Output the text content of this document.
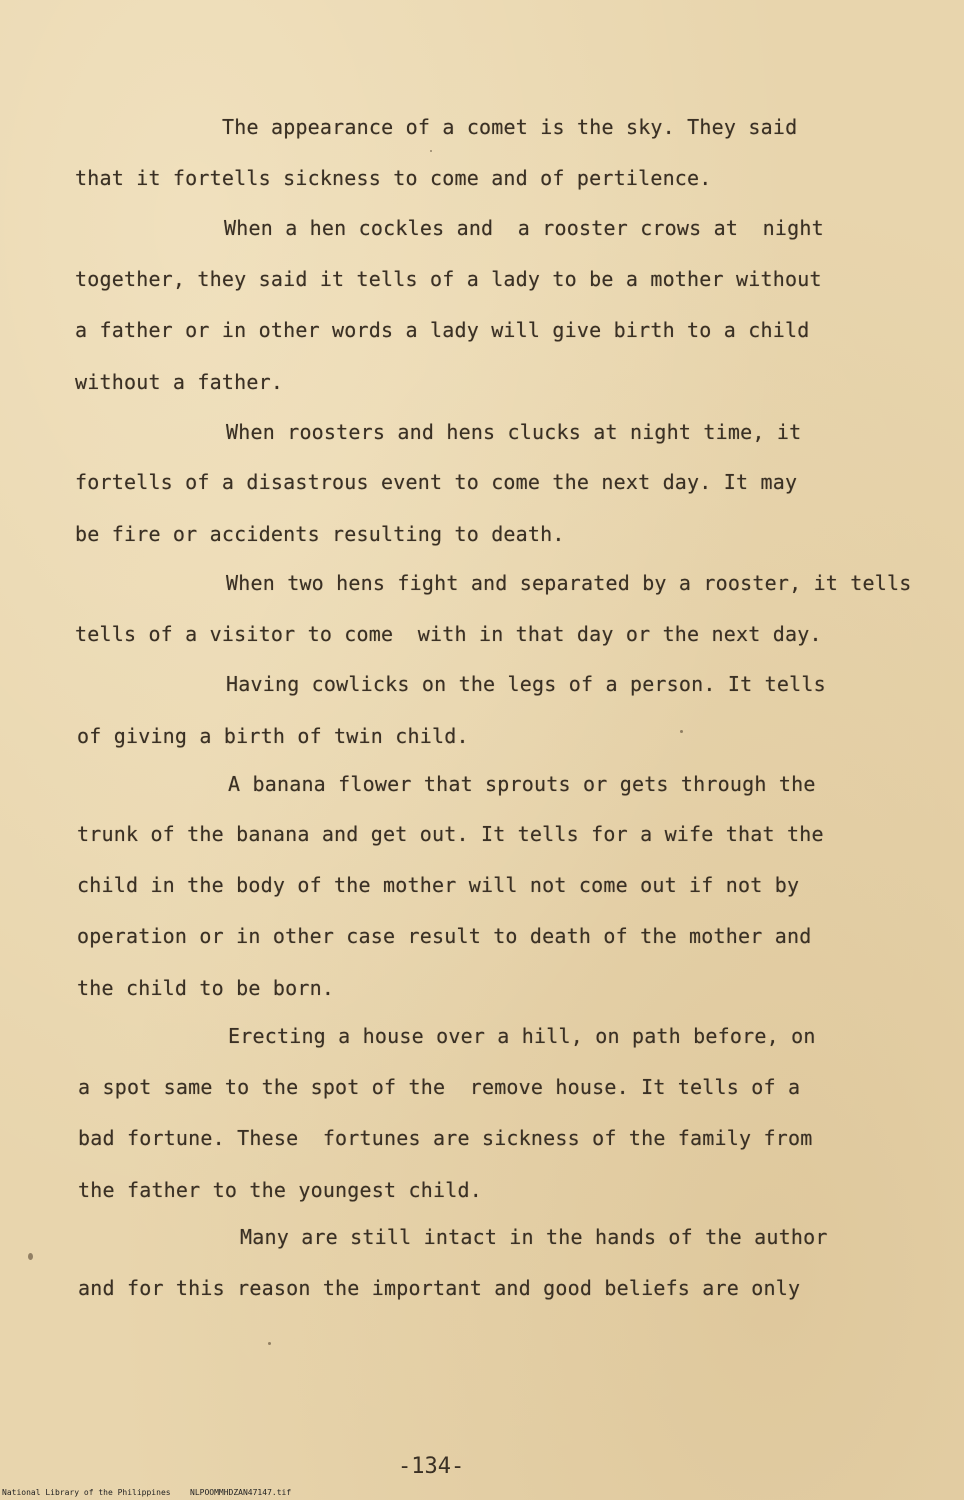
The appearance of a comet is the sky. They said
that it fortells sickness to come and of pertilence.
When a hen cockles and  a rooster crows at  night
together, they said it tells of a lady to be a mother without
a father or in other words a lady will give birth to a child
without a father.
When roosters and hens clucks at night time, it
fortells of a disastrous event to come the next day. It may
be fire or accidents resulting to death.
When two hens fight and separated by a rooster, it tells
tells of a visitor to come  with in that day or the next day.
Having cowlicks on the legs of a person. It tells
of giving a birth of twin child.
A banana flower that sprouts or gets through the
trunk of the banana and get out. It tells for a wife that the
child in the body of the mother will not come out if not by
operation or in other case result to death of the mother and
the child to be born.
Erecting a house over a hill, on path before, on
a spot same to the spot of the  remove house. It tells of a
bad fortune. These  fortunes are sickness of the family from
the father to the youngest child.
Many are still intact in the hands of the author
and for this reason the important and good beliefs are only
-134-
National Library of the Philippines NLPOOMMHDZAN47147.tif
